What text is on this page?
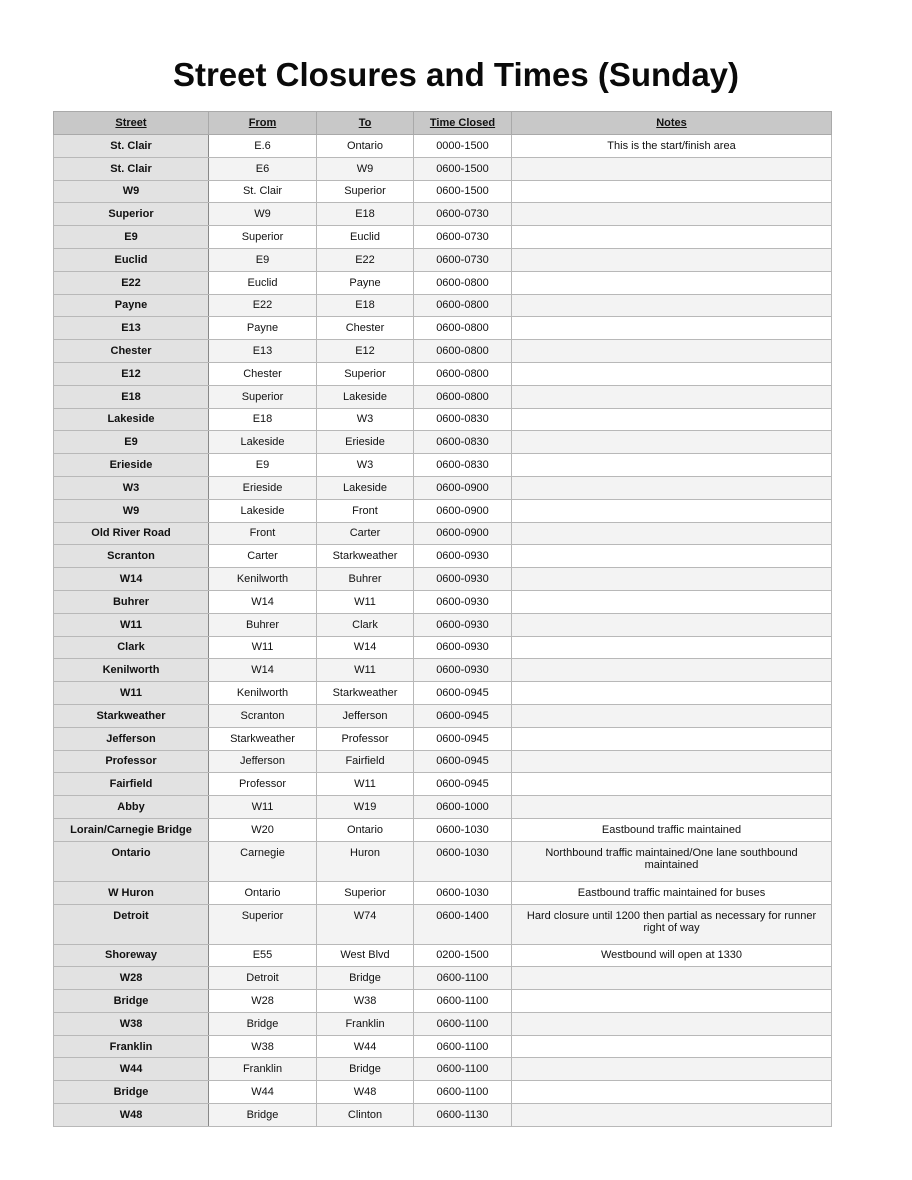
Street Closures and Times (Sunday)
Street	From	To	Time Closed	Notes
St. Clair	E.6	Ontario	0000-1500	This is the start/finish area
St. Clair	E6	W9	0600-1500	
W9	St. Clair	Superior	0600-1500	
Superior	W9	E18	0600-0730	
E9	Superior	Euclid	0600-0730	
Euclid	E9	E22	0600-0730	
E22	Euclid	Payne	0600-0800	
Payne	E22	E18	0600-0800	
E13	Payne	Chester	0600-0800	
Chester	E13	E12	0600-0800	
E12	Chester	Superior	0600-0800	
E18	Superior	Lakeside	0600-0800	
Lakeside	E18	W3	0600-0830	
E9	Lakeside	Erieside	0600-0830	
Erieside	E9	W3	0600-0830	
W3	Erieside	Lakeside	0600-0900	
W9	Lakeside	Front	0600-0900	
Old River Road	Front	Carter	0600-0900	
Scranton	Carter	Starkweather	0600-0930	
W14	Kenilworth	Buhrer	0600-0930	
Buhrer	W14	W11	0600-0930	
W11	Buhrer	Clark	0600-0930	
Clark	W11	W14	0600-0930	
Kenilworth	W14	W11	0600-0930	
W11	Kenilworth	Starkweather	0600-0945	
Starkweather	Scranton	Jefferson	0600-0945	
Jefferson	Starkweather	Professor	0600-0945	
Professor	Jefferson	Fairfield	0600-0945	
Fairfield	Professor	W11	0600-0945	
Abby	W11	W19	0600-1000	
Lorain/Carnegie Bridge	W20	Ontario	0600-1030	Eastbound traffic maintained
Ontario	Carnegie	Huron	0600-1030	Northbound traffic maintained/One lane southbound maintained
W Huron	Ontario	Superior	0600-1030	Eastbound traffic maintained for buses
Detroit	Superior	W74	0600-1400	Hard closure until 1200 then partial as necessary for runner right of way
Shoreway	E55	West Blvd	0200-1500	Westbound will open at 1330
W28	Detroit	Bridge	0600-1100	
Bridge	W28	W38	0600-1100	
W38	Bridge	Franklin	0600-1100	
Franklin	W38	W44	0600-1100	
W44	Franklin	Bridge	0600-1100	
Bridge	W44	W48	0600-1100	
W48	Bridge	Clinton	0600-1130	
